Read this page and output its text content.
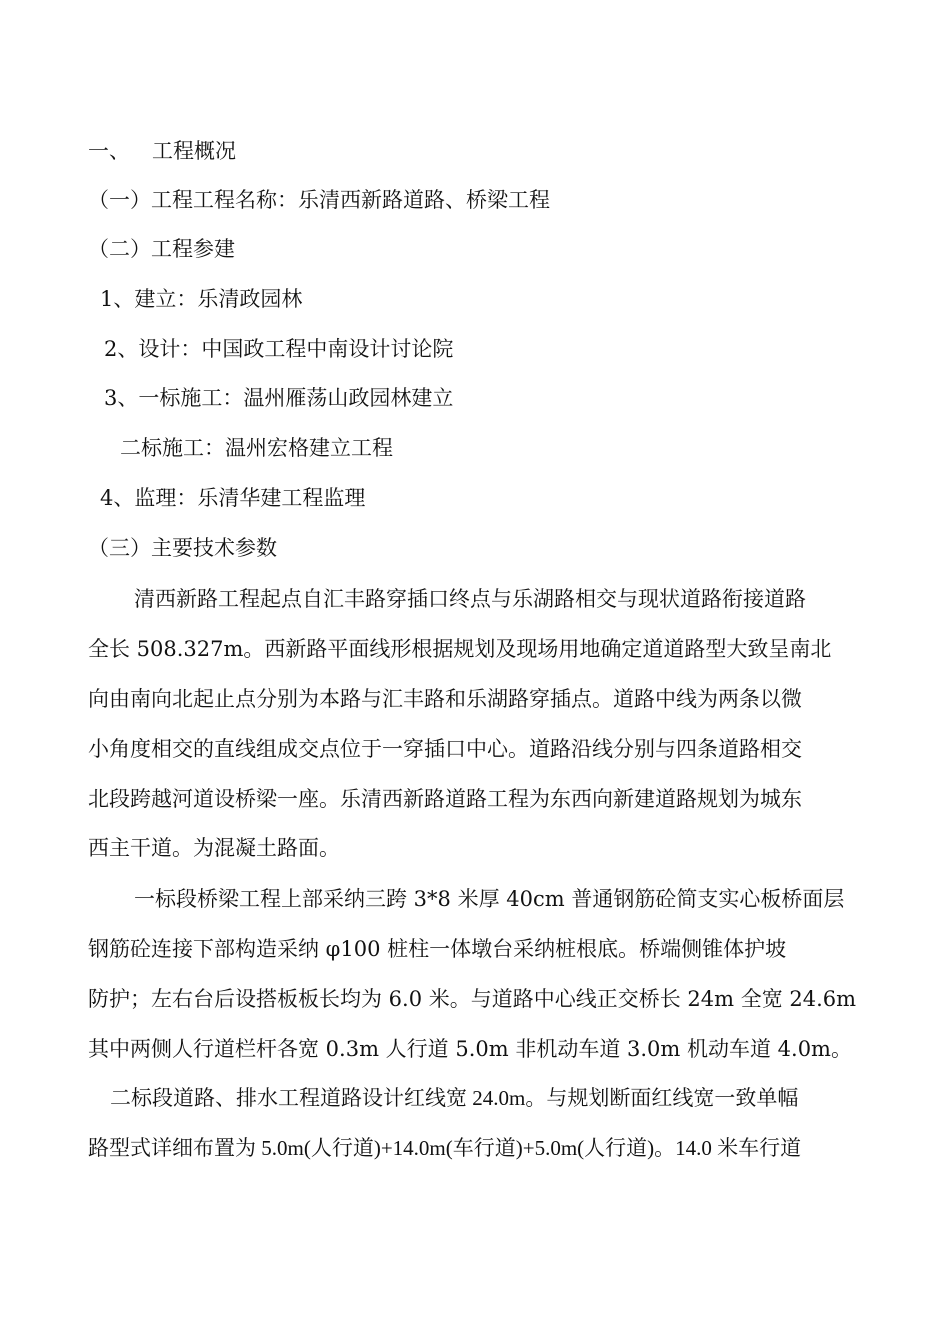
一、 工程概况
（一）工程工程名称：乐清西新路道路、桥梁工程
（二）工程参建
1、建立：乐清政园林
2、设计：中国政工程中南设计讨论院
3、一标施工：温州雁荡山政园林建立
二标施工：温州宏格建立工程
4、监理：乐清华建工程监理
（三）主要技术参数
清西新路工程起点自汇丰路穿插口终点与乐湖路相交与现状道路衔接道路
全长 508.327m。西新路平面线形根据规划及现场用地确定道道路型大致呈南北
向由南向北起止点分别为本路与汇丰路和乐湖路穿插点。道路中线为两条以微
小角度相交的直线组成交点位于一穿插口中心。道路沿线分别与四条道路相交
北段跨越河道设桥梁一座。乐清西新路道路工程为东西向新建道路规划为城东
西主干道。为混凝土路面。
一标段桥梁工程上部采纳三跨 3*8 米厚 40cm 普通钢筋砼简支实心板桥面层
钢筋砼连接下部构造采纳 φ100 桩柱一体墩台采纳桩根底。桥端侧锥体护坡
防护；左右台后设搭板板长均为 6.0 米。与道路中心线正交桥长 24m 全宽 24.6m
其中两侧人行道栏杆各宽 0.3m 人行道 5.0m 非机动车道 3.0m 机动车道 4.0m。
二标段道路、排水工程道路设计红线宽 24.0m。与规划断面红线宽一致单幅
路型式详细布置为 5.0m(人行道)+14.0m(车行道)+5.0m(人行道)。14.0 米车行道
